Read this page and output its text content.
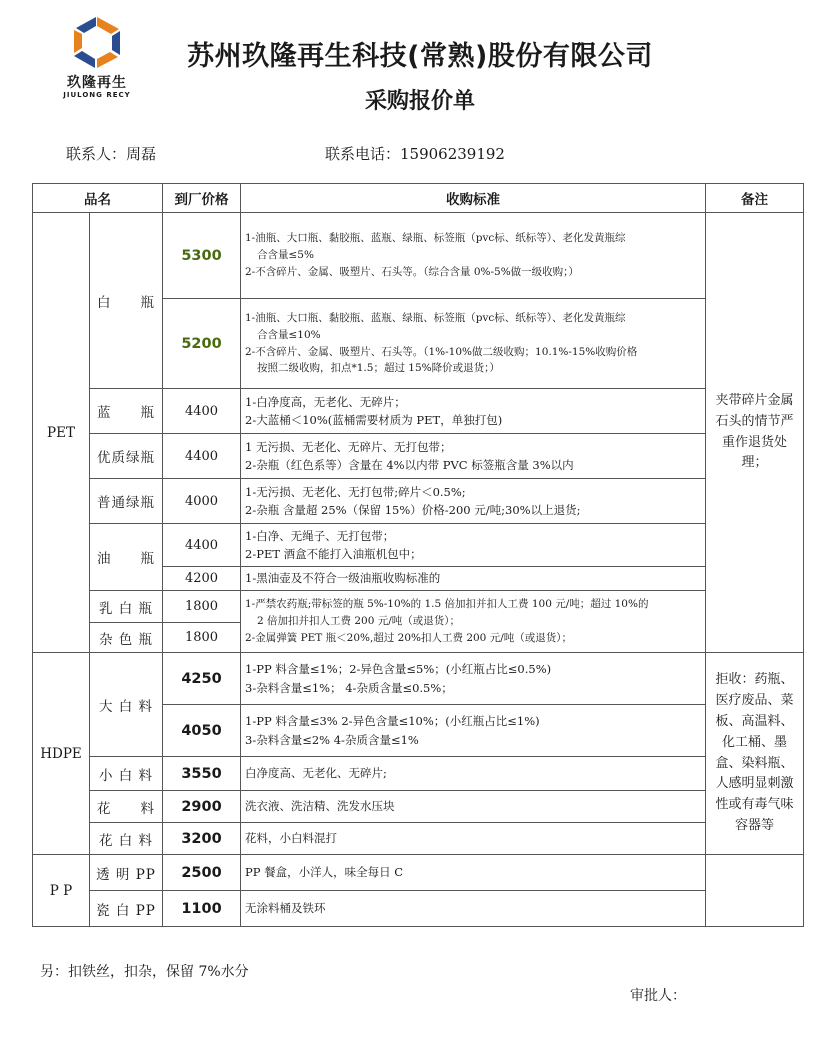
玖隆再生
JIULONG RECY
苏州玖隆再生科技(常熟)股份有限公司
采购报价单
联系人：周磊	联系电话：15906239192
品名		到厂价格	收购标准	备注
PET	白　　瓶	5300	1-油瓶、大口瓶、黏胶瓶、蓝瓶、绿瓶、标签瓶（pvc标、纸标等）、老化发黄瓶综
合含量≤5%
2-不含碎片、金属、吸塑片、石头等。（综合含量 0%-5%做一级收购；）	夹带碎片金属石头的情节严重作退货处理；
		5200	1-油瓶、大口瓶、黏胶瓶、蓝瓶、绿瓶、标签瓶（pvc标、纸标等）、老化发黄瓶综
合含量≤10%
2-不含碎片、金属、吸塑片、石头等。（1%-10%做二级收购；10.1%-15%收购价格
按照二级收购，扣点*1.5；超过 15%降价或退货；）	

	蓝　　瓶	4400	1-白净度高，无老化、无碎片；
2-大蓝桶＜10%(蓝桶需要材质为 PET，单独打包)	

	优质绿瓶	4400	1 无污损、无老化、无碎片、无打包带；
2-杂瓶（红色系等）含量在 4%以内带 PVC 标签瓶含量 3%以内	

	普通绿瓶	4000	1-无污损、无老化、无打包带;碎片＜0.5%;
2-杂瓶 含量超 25%（保留 15%）价格-200 元/吨;30%以上退货;	

	油　　瓶	4400	1-白净、无绳子、无打包带；
2-PET 酒盒不能打入油瓶机包中；	

		4200	1-黑油壶及不符合一级油瓶收购标准的	

	乳 白 瓶	1800	1-严禁农药瓶;带标签的瓶 5%-10%的 1.5 倍加扣并扣人工费 100 元/吨；超过 10%的
2 倍加扣并扣人工费 200 元/吨（或退货）；
2-金属弹簧 PET 瓶＜20%,超过 20%扣人工费 200 元/吨（或退货）；	

	杂 色 瓶	1800		
HDPE	大 白 料	4250	1-PP 料含量≤1%；2-异色含量≤5%；(小红瓶占比≤0.5%)
3-杂料含量≤1%； 4-杂质含量≤0.5%；	拒收：药瓶、医疗废品、菜板、高温料、化工桶、墨盒、染料瓶、人感明显刺激性或有毒气味容器等
		4050	1-PP 料含量≤3% 2-异色含量≤10%；(小红瓶占比≤1%)
3-杂料含量≤2% 4-杂质含量≤1%	

	小 白 料	3550	白净度高、无老化、无碎片;	
	花　　料	2900	洗衣液、洗洁精、洗发水压块	
	花 白 料	3200	花料，小白料混打	
P P	透 明 PP	2500	PP 餐盒，小洋人，味全每日 C	
	瓷 白 PP	1100	无涂料桶及铁环	
另：扣铁丝，扣杂，保留 7%水分
审批人：
